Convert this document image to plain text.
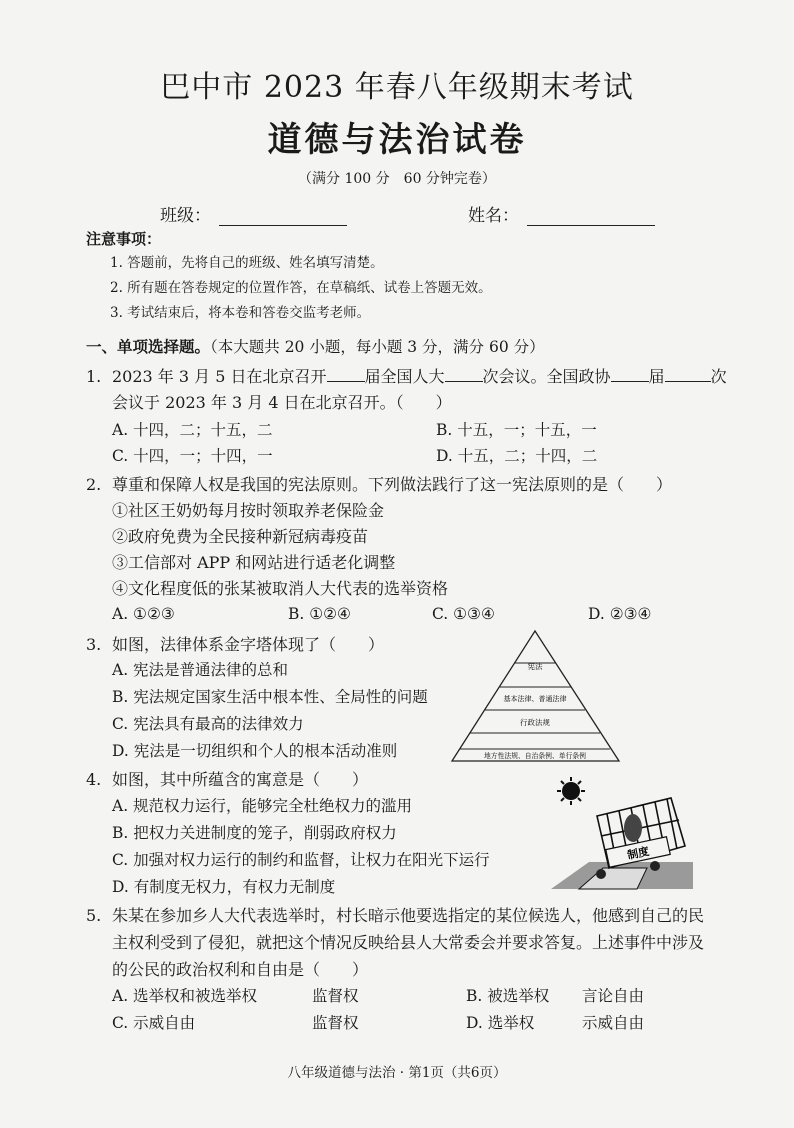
巴中市 2023 年春八年级期末考试
道德与法治试卷
（满分 100 分　60 分钟完卷）
班级：	姓名：
注意事项：
1. 答题前，先将自己的班级、姓名填写清楚。
2. 所有题在答卷规定的位置作答，在草稿纸、试卷上答题无效。
3. 考试结束后，将本卷和答卷交监考老师。
一、单项选择题。（本大题共 20 小题，每小题 3 分，满分 60 分）
1. 2023 年 3 月 5 日在北京召开 届全国人大 次会议。全国政协 届	次
会议于 2023 年 3 月 4 日在北京召开。（　　）
A. 十四，二；十五，二	B. 十五，一；十五，一
C. 十四，一；十四，一	D. 十五，二；十四，二
2. 尊重和保障人权是我国的宪法原则。下列做法践行了这一宪法原则的是（　　）
①社区王奶奶每月按时领取养老保险金
②政府免费为全民接种新冠病毒疫苗
③工信部对 APP 和网站进行适老化调整
④文化程度低的张某被取消人大代表的选举资格
A. ①②③	B. ①②④	C. ①③④	D. ②③④
3. 如图，法律体系金字塔体现了（　　）
A. 宪法是普通法律的总和
B. 宪法规定国家生活中根本性、全局性的问题
C. 宪法具有最高的法律效力
D. 宪法是一切组织和个人的根本活动准则
宪法
基本法律、普通法律
行政法规
地方性法规、自治条例、单行条例
4. 如图，其中所蕴含的寓意是（　　）
A. 规范权力运行，能够完全杜绝权力的滥用
B. 把权力关进制度的笼子，削弱政府权力
C. 加强对权力运行的制约和监督，让权力在阳光下运行
D. 有制度无权力，有权力无制度
制度
5. 朱某在参加乡人大代表选举时，村长暗示他要选指定的某位候选人，他感到自己的民
主权利受到了侵犯，就把这个情况反映给县人大常委会并要求答复。上述事件中涉及
的公民的政治权利和自由是（　　）
A. 选举权和被选举权	监督权	B. 被选举权 言论自由
C. 示威自由	监督权	D. 选举权	示威自由
八年级道德与法治 · 第1页（共6页）
